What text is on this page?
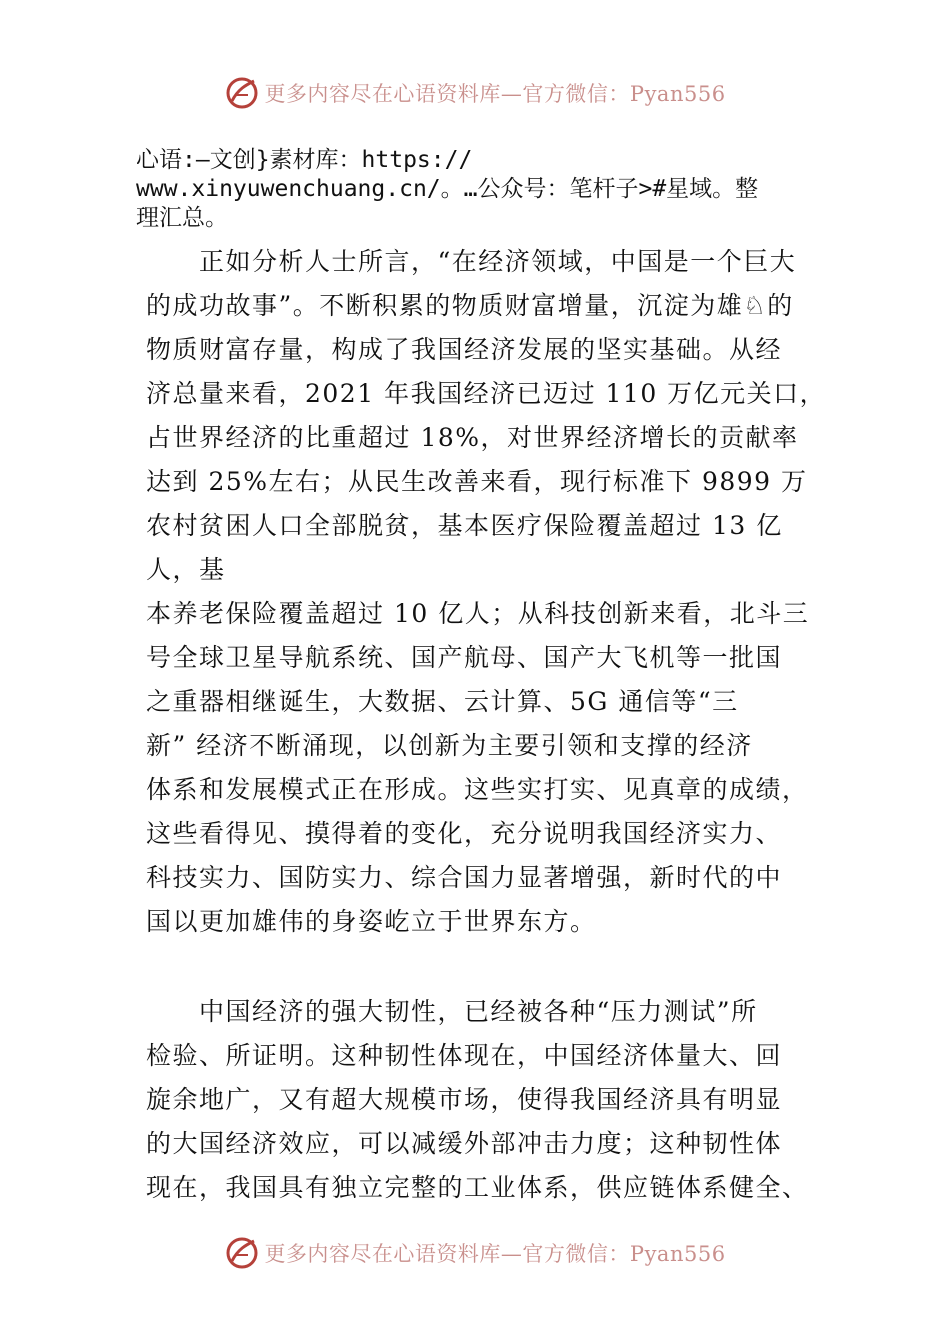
更多内容尽在心语资料库—官方微信：Pyan556
心语:—文创}素材库：https://
www.xinyuwenchuang.cn/。…公众号：笔杆子>#星域。整
理汇总。
　　正如分析人士所言，“在经济领域，中国是一个巨大
的成功故事”。不断积累的物质财富增量，沉淀为雄♘的
物质财富存量，构成了我国经济发展的坚实基础。从经
济总量来看，2021 年我国经济已迈过 110 万亿元关口，
占世界经济的比重超过 18%，对世界经济增长的贡献率
达到 25%左右；从民生改善来看，现行标准下 9899 万
农村贫困人口全部脱贫，基本医疗保险覆盖超过 13 亿
人，基
本养老保险覆盖超过 10 亿人；从科技创新来看，北斗三
号全球卫星导航系统、国产航母、国产大飞机等一批国
之重器相继诞生，大数据、云计算、5G 通信等“三
新” 经济不断涌现，以创新为主要引领和支撑的经济
体系和发展模式正在形成。这些实打实、见真章的成绩，
这些看得见、摸得着的变化，充分说明我国经济实力、
科技实力、国防实力、综合国力显著增强，新时代的中
国以更加雄伟的身姿屹立于世界东方。
　　中国经济的强大韧性，已经被各种“压力测试”所
检验、所证明。这种韧性体现在，中国经济体量大、回
旋余地广，又有超大规模市场，使得我国经济具有明显
的大国经济效应，可以减缓外部冲击力度；这种韧性体
现在，我国具有独立完整的工业体系，供应链体系健全、
更多内容尽在心语资料库—官方微信：Pyan556
